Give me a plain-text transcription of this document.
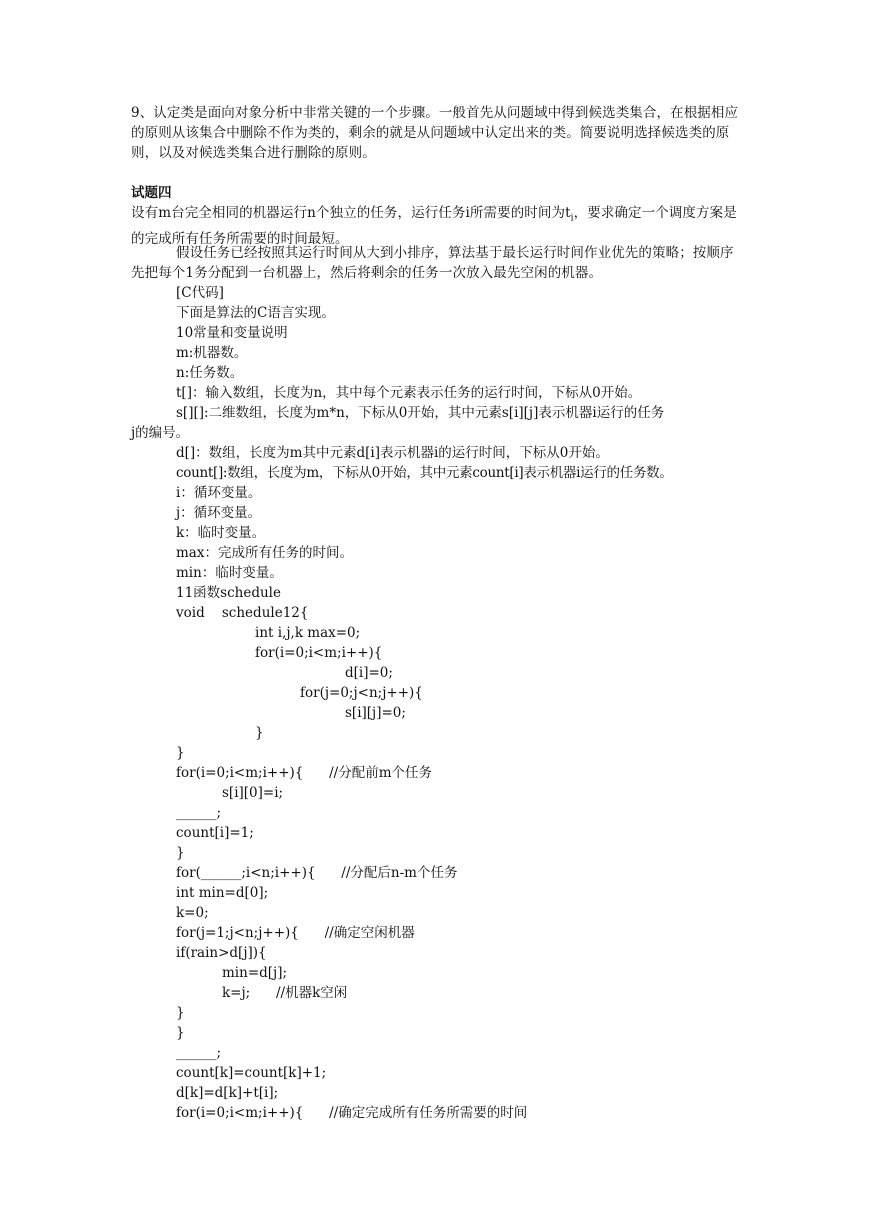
9、认定类是面向对象分析中非常关键的一个步骤。一般首先从问题域中得到候选类集合，在根据相应的原则从该集合中删除不作为类的，剩余的就是从问题域中认定出来的类。简要说明选择候选类的原则，以及对候选类集合进行删除的原则。

试题四

设有m台完全相同的机器运行n个独立的任务，运行任务i所需要的时间为$t_i$，要求确定一个调度方案是的完成所有任务所需要的时间最短。

假设任务已经按照其运行时间从大到小排序，算法基于最长运行时间作业优先的策略；按顺序先把每个1务分配到一台机器上，然后将剩余的任务一次放入最先空闲的机器。

[C代码]

下面是算法的C语言实现。

10常量和变量说明

m:机器数。

n:任务数。

t[]：输入数组，长度为n，其中每个元素表示任务的运行时间，下标从0开始。

s[][]:二维数组，长度为m*n，下标从0开始，其中元素s[i][j]表示机器i运行的任务

j的编号。

d[]：数组，长度为m其中元素d[i]表示机器i的运行时间，下标从0开始。

count[]:数组，长度为m，下标从0开始，其中元素count[i]表示机器i运行的任务数。

i：循环变量。

j：循环变量。

k：临时变量。

max：完成所有任务的时间。

min：临时变量。

11函数schedule

void    schedule12{

int i,j,k max=0;

for(i=0;i<m;i++){

d[i]=0;

for(j=0;j<n;j++){

s[i][j]=0;

}

}

for(i=0;i<m;i++){      //分配前m个任务

s[i][0]=i;

______;

count[i]=1;

}

for(______;i<n;i++){      //分配后n-m个任务

int min=d[0];

k=0;

for(j=1;j<n;j++){      //确定空闲机器

if(rain>d[j]){

min=d[j];

k=j;      //机器k空闲

}

}

______;

count[k]=count[k]+1;

d[k]=d[k]+t[i];

for(i=0;i<m;i++){      //确定完成所有任务所需要的时间
